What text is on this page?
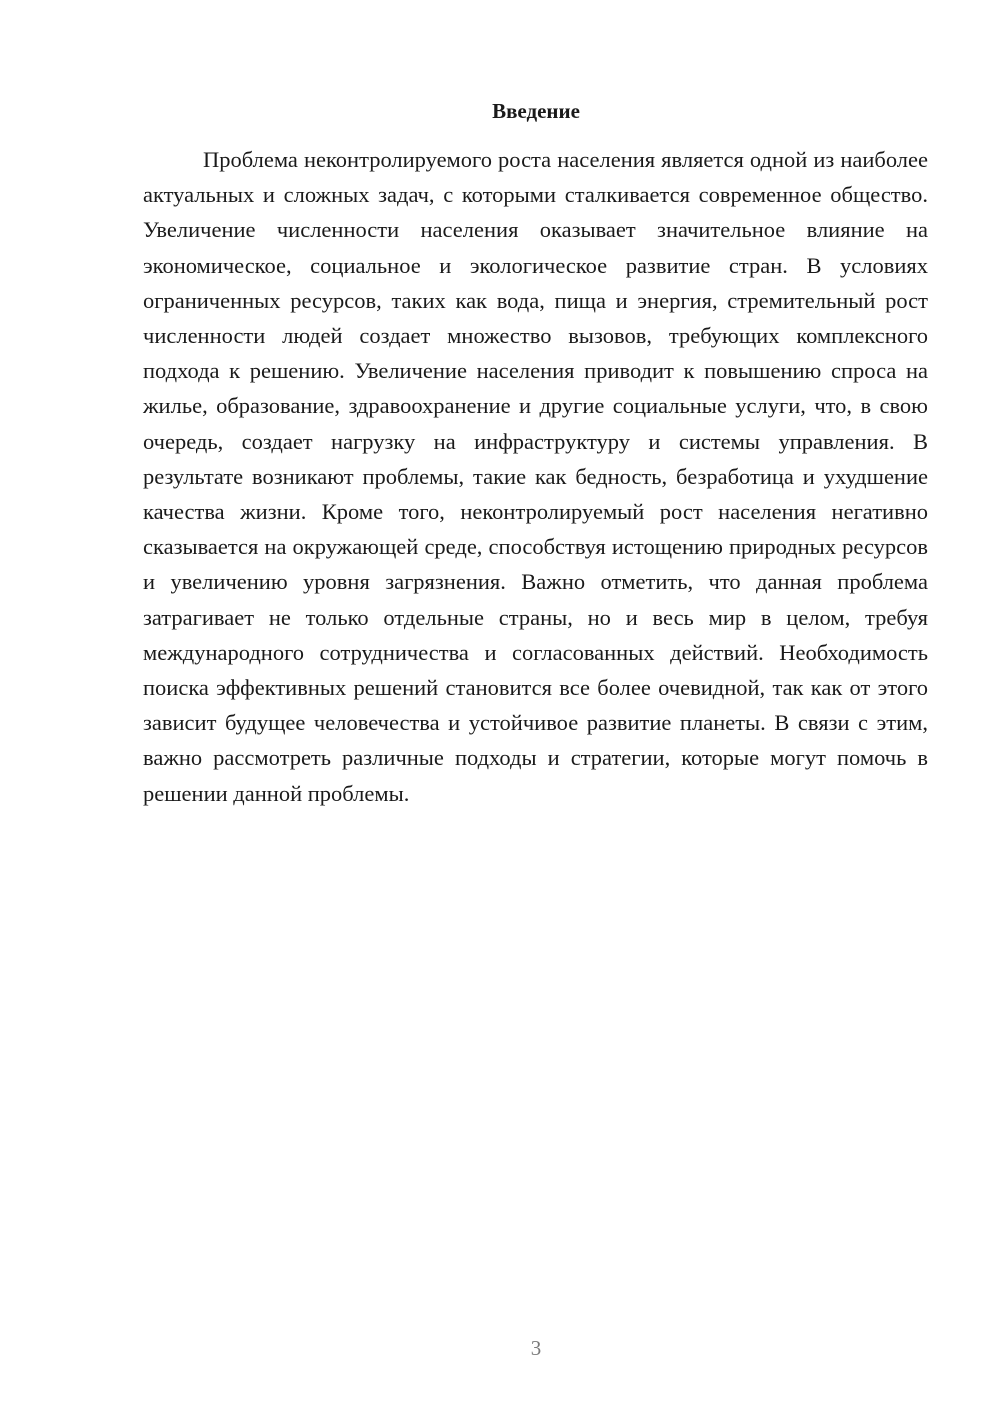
Введение

Проблема неконтролируемого роста населения является одной из наиболее актуальных и сложных задач, с которыми сталкивается современное общество. Увеличение численности населения оказывает значительное влияние на экономическое, социальное и экологическое развитие стран. В условиях ограниченных ресурсов, таких как вода, пища и энергия, стремительный рост численности людей создает множество вызовов, требующих комплексного подхода к решению. Увеличение населения приводит к повышению спроса на жилье, образование, здравоохранение и другие социальные услуги, что, в свою очередь, создает нагрузку на инфраструктуру и системы управления. В результате возникают проблемы, такие как бедность, безработица и ухудшение качества жизни. Кроме того, неконтролируемый рост населения негативно сказывается на окружающей среде, способствуя истощению природных ресурсов и увеличению уровня загрязнения. Важно отметить, что данная проблема затрагивает не только отдельные страны, но и весь мир в целом, требуя международного сотрудничества и согласованных действий. Необходимость поиска эффективных решений становится все более очевидной, так как от этого зависит будущее человечества и устойчивое развитие планеты. В связи с этим, важно рассмотреть различные подходы и стратегии, которые могут помочь в решении данной проблемы.

3
